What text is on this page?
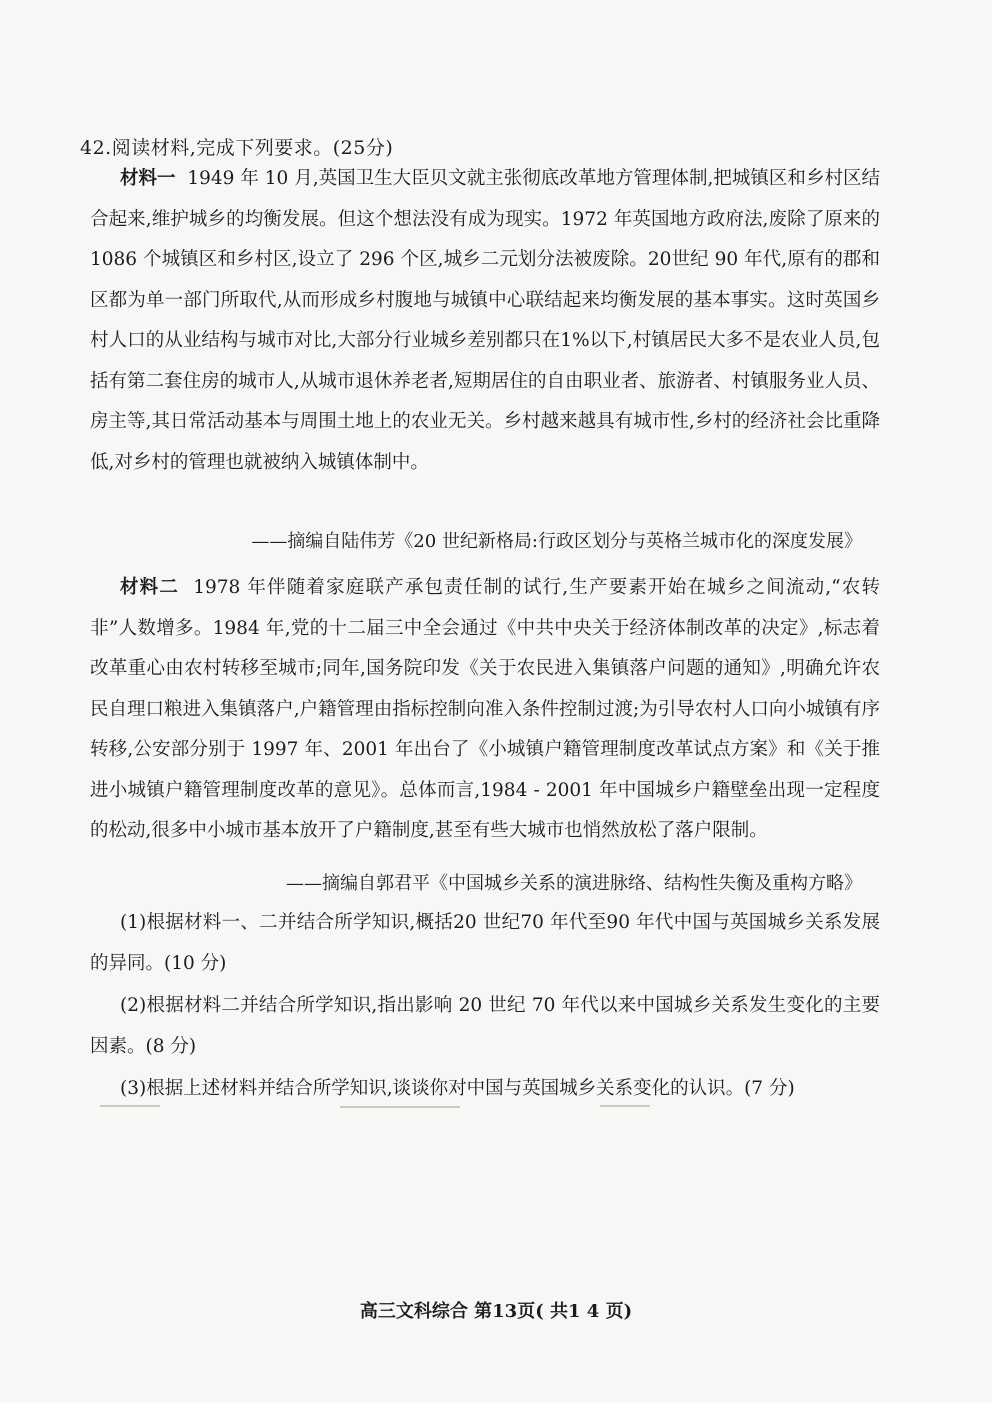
42.阅读材料,完成下列要求。(25分)

材料一 1949 年 10 月,英国卫生大臣贝文就主张彻底改革地方管理体制,把城镇区和乡村区结合起来,维护城乡的均衡发展。但这个想法没有成为现实。1972 年英国地方政府法,废除了原来的1086 个城镇区和乡村区,设立了 296 个区,城乡二元划分法被废除。20世纪 90 年代,原有的郡和区都为单一部门所取代,从而形成乡村腹地与城镇中心联结起来均衡发展的基本事实。这时英国乡村人口的从业结构与城市对比,大部分行业城乡差别都只在1%以下,村镇居民大多不是农业人员,包括有第二套住房的城市人,从城市退休养老者,短期居住的自由职业者、旅游者、村镇服务业人员、房主等,其日常活动基本与周围土地上的农业无关。乡村越来越具有城市性,乡村的经济社会比重降低,对乡村的管理也就被纳入城镇体制中。

——摘编自陆伟芳《20 世纪新格局:行政区划分与英格兰城市化的深度发展》

材料二 1978 年伴随着家庭联产承包责任制的试行,生产要素开始在城乡之间流动,“农转非”人数增多。1984 年,党的十二届三中全会通过《中共中央关于经济体制改革的决定》,标志着改革重心由农村转移至城市;同年,国务院印发《关于农民进入集镇落户问题的通知》,明确允许农民自理口粮进入集镇落户,户籍管理由指标控制向准入条件控制过渡;为引导农村人口向小城镇有序转移,公安部分别于 1997 年、2001 年出台了《小城镇户籍管理制度改革试点方案》和《关于推进小城镇户籍管理制度改革的意见》。总体而言,1984 - 2001 年中国城乡户籍壁垒出现一定程度的松动,很多中小城市基本放开了户籍制度,甚至有些大城市也悄然放松了落户限制。

——摘编自郭君平《中国城乡关系的演进脉络、结构性失衡及重构方略》

(1)根据材料一、二并结合所学知识,概括20 世纪70 年代至90 年代中国与英国城乡关系发展的异同。(10 分)

(2)根据材料二并结合所学知识,指出影响 20 世纪 70 年代以来中国城乡关系发生变化的主要因素。(8 分)

(3)根据上述材料并结合所学知识,谈谈你对中国与英国城乡关系变化的认识。(7 分)

高三文科综合 第13页( 共1 4 页)
